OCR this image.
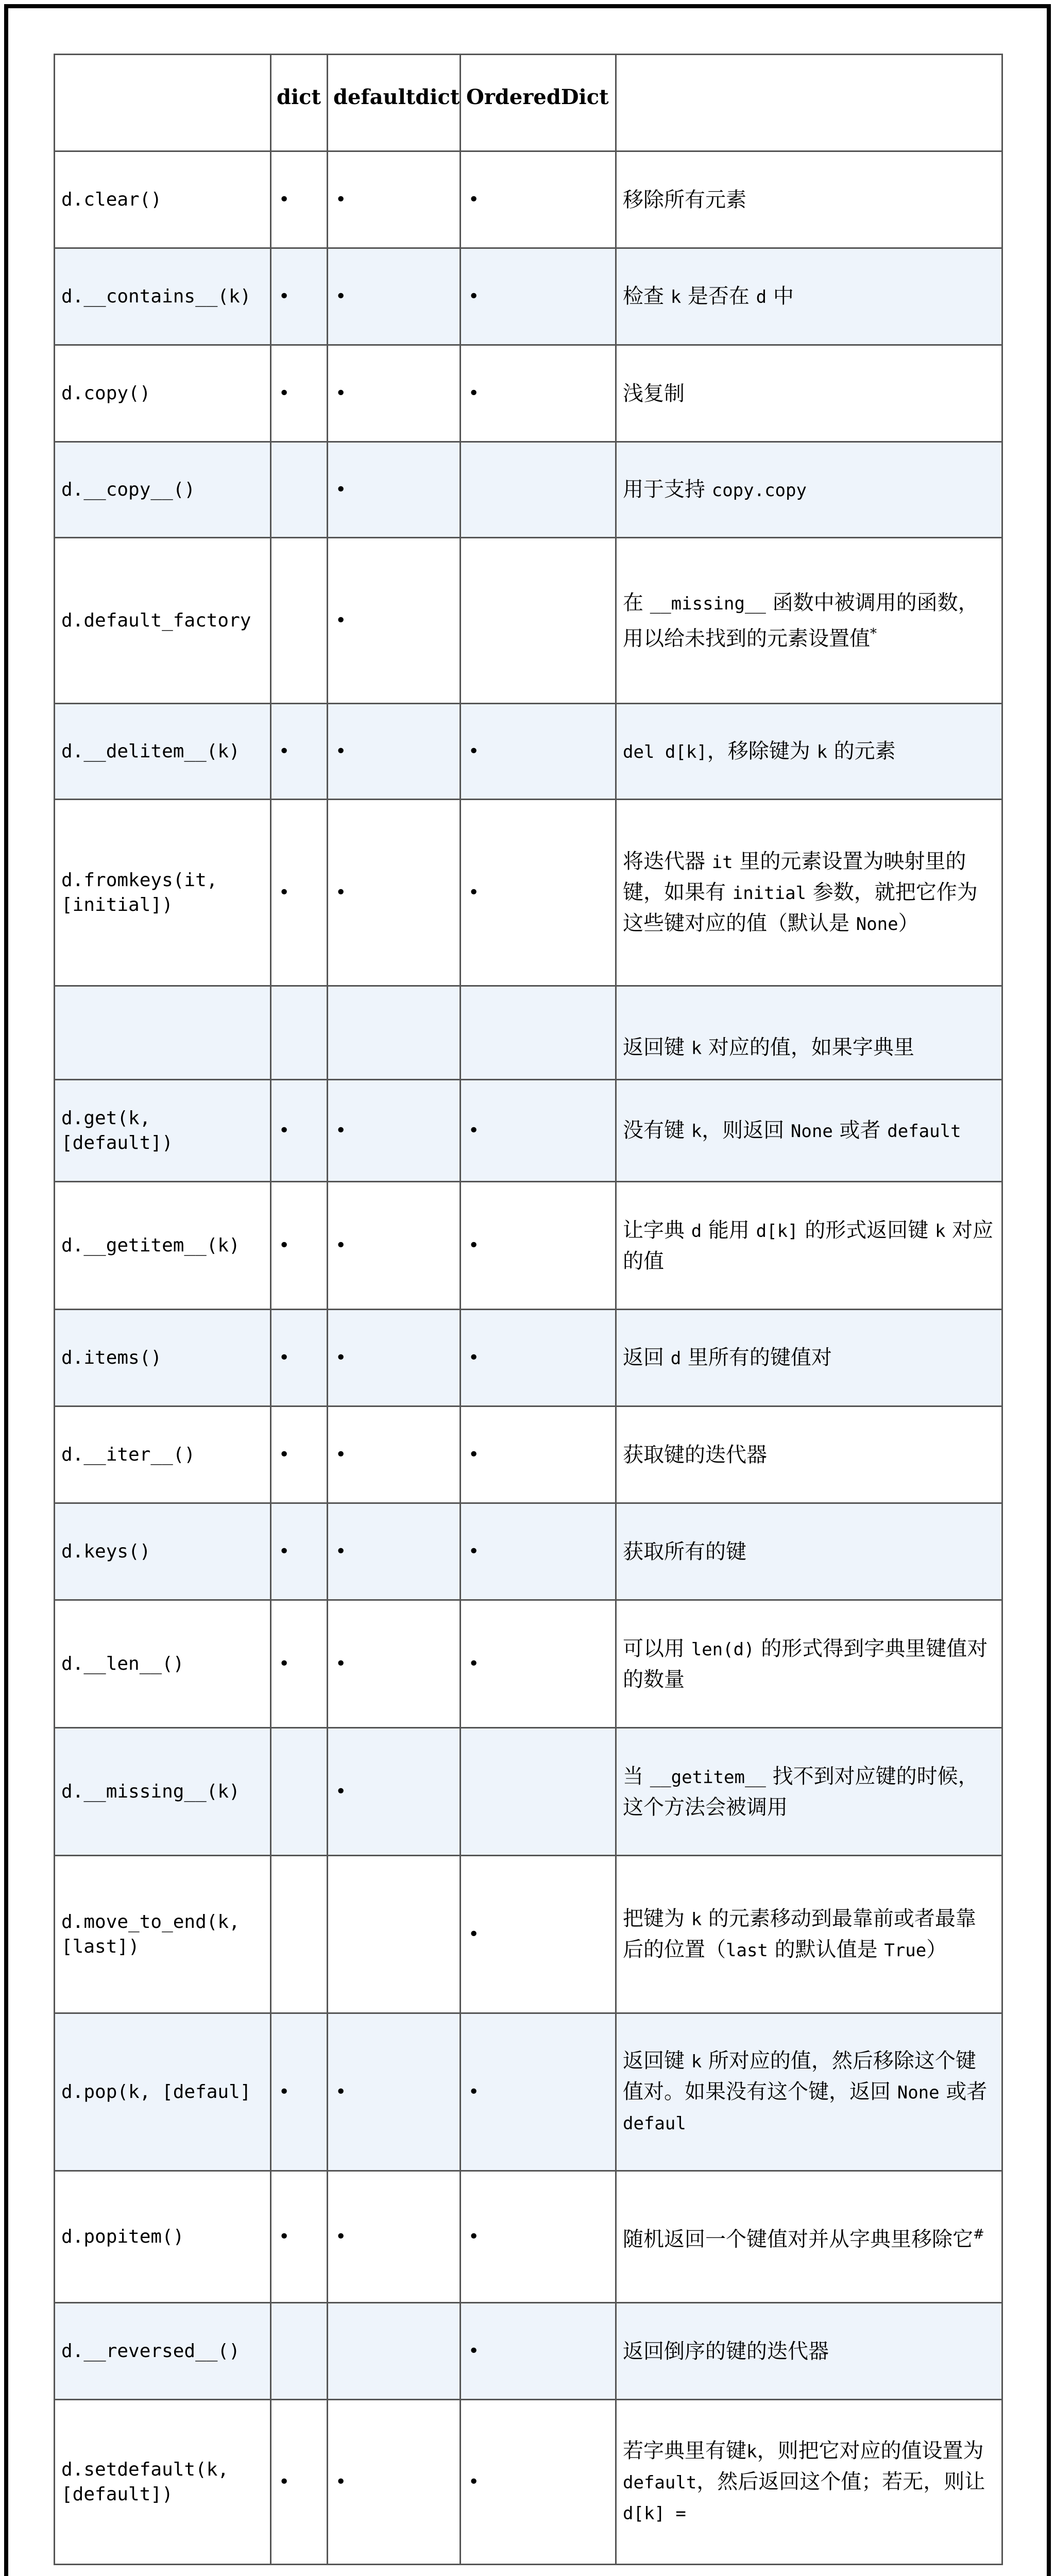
	dict	defaultdict	OrderedDict	
d.clear()	•	•	•	移除所有元素
d.__contains__(k)	•	•	•	检查 k 是否在 d 中
d.copy()	•	•	•	浅复制
d.__copy__()		•		用于支持 copy.copy
d.default_factory		•		在 __missing__ 函数中被调用的函数，用以给未找到的元素设置值*
d.__delitem__(k)	•	•	•	del d[k]，移除键为 k 的元素
d.fromkeys(it, [initial])	•	•	•	将迭代器 it 里的元素设置为映射里的键，如果有 initial 参数，就把它作为这些键对应的值（默认是 None）
				返回键 k 对应的值，如果字典里
d.get(k, [default])	•	•	•	没有键 k，则返回 None 或者 default
d.__getitem__(k)	•	•	•	让字典 d 能用 d[k] 的形式返回键 k 对应的值
d.items()	•	•	•	返回 d 里所有的键值对
d.__iter__()	•	•	•	获取键的迭代器
d.keys()	•	•	•	获取所有的键
d.__len__()	•	•	•	可以用 len(d) 的形式得到字典里键值对的数量
d.__missing__(k)		•		当 __getitem__ 找不到对应键的时候，这个方法会被调用
d.move_to_end(k, [last])			•	把键为 k 的元素移动到最靠前或者最靠后的位置（last 的默认值是 True）
d.pop(k, [defaul]	•	•	•	返回键 k 所对应的值，然后移除这个键值对。如果没有这个键，返回 None 或者 defaul
d.popitem()	•	•	•	随机返回一个键值对并从字典里移除它#
d.__reversed__()			•	返回倒序的键的迭代器
d.setdefault(k, [default])	•	•	•	若字典里有键k，则把它对应的值设置为 default，然后返回这个值；若无，则让 d[k] =
